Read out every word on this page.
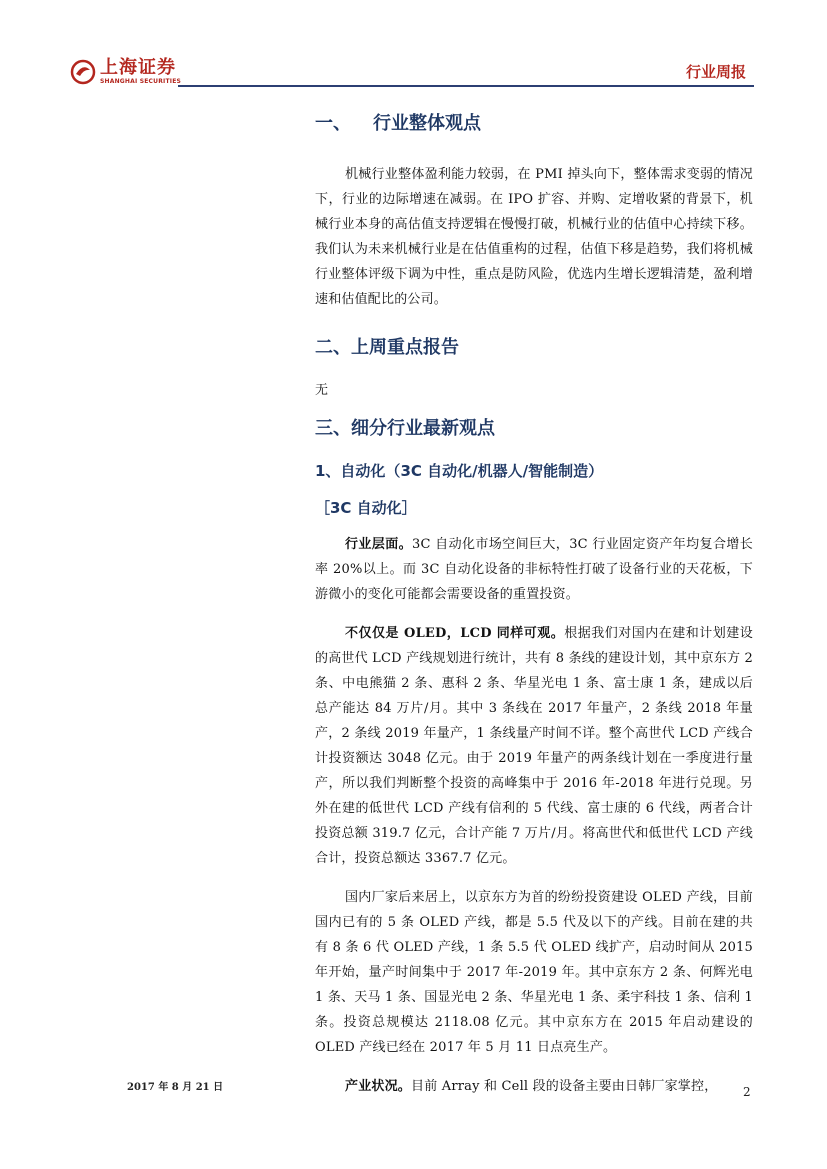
上海证券
SHANGHAI SECURITIES
行业周报
一、 行业整体观点

机械行业整体盈利能力较弱，在 PMI 掉头向下，整体需求变弱的情况下，行业的边际增速在减弱。在 IPO 扩容、并购、定增收紧的背景下，机械行业本身的高估值支持逻辑在慢慢打破，机械行业的估值中心持续下移。我们认为未来机械行业是在估值重构的过程，估值下移是趋势，我们将机械行业整体评级下调为中性，重点是防风险，优选内生增长逻辑清楚，盈利增速和估值配比的公司。

二、上周重点报告

无

三、细分行业最新观点
1、自动化（3C 自动化/机器人/智能制造）
［3C 自动化］

行业层面。3C 自动化市场空间巨大，3C 行业固定资产年均复合增长率 20%以上。而 3C 自动化设备的非标特性打破了设备行业的天花板，下游微小的变化可能都会需要设备的重置投资。

不仅仅是 OLED，LCD 同样可观。根据我们对国内在建和计划建设的高世代 LCD 产线规划进行统计，共有 8 条线的建设计划，其中京东方 2 条、中电熊猫 2 条、惠科 2 条、华星光电 1 条、富士康 1 条，建成以后总产能达 84 万片/月。其中 3 条线在 2017 年量产，2 条线 2018 年量产，2 条线 2019 年量产，1 条线量产时间不详。整个高世代 LCD 产线合计投资额达 3048 亿元。由于 2019 年量产的两条线计划在一季度进行量产，所以我们判断整个投资的高峰集中于 2016 年-2018 年进行兑现。另外在建的低世代 LCD 产线有信利的 5 代线、富士康的 6 代线，两者合计投资总额 319.7 亿元，合计产能 7 万片/月。将高世代和低世代 LCD 产线合计，投资总额达 3367.7 亿元。

国内厂家后来居上，以京东方为首的纷纷投资建设 OLED 产线，目前国内已有的 5 条 OLED 产线，都是 5.5 代及以下的产线。目前在建的共有 8 条 6 代 OLED 产线，1 条 5.5 代 OLED 线扩产，启动时间从 2015 年开始，量产时间集中于 2017 年-2019 年。其中京东方 2 条、何辉光电 1 条、天马 1 条、国显光电 2 条、华星光电 1 条、柔宇科技 1 条、信利 1 条。投资总规模达 2118.08 亿元。其中京东方在 2015 年启动建设的 OLED 产线已经在 2017 年 5 月 11 日点亮生产。

产业状况。目前 Array 和 Cell 段的设备主要由日韩厂家掌控，

2017 年 8 月 21 日	2
